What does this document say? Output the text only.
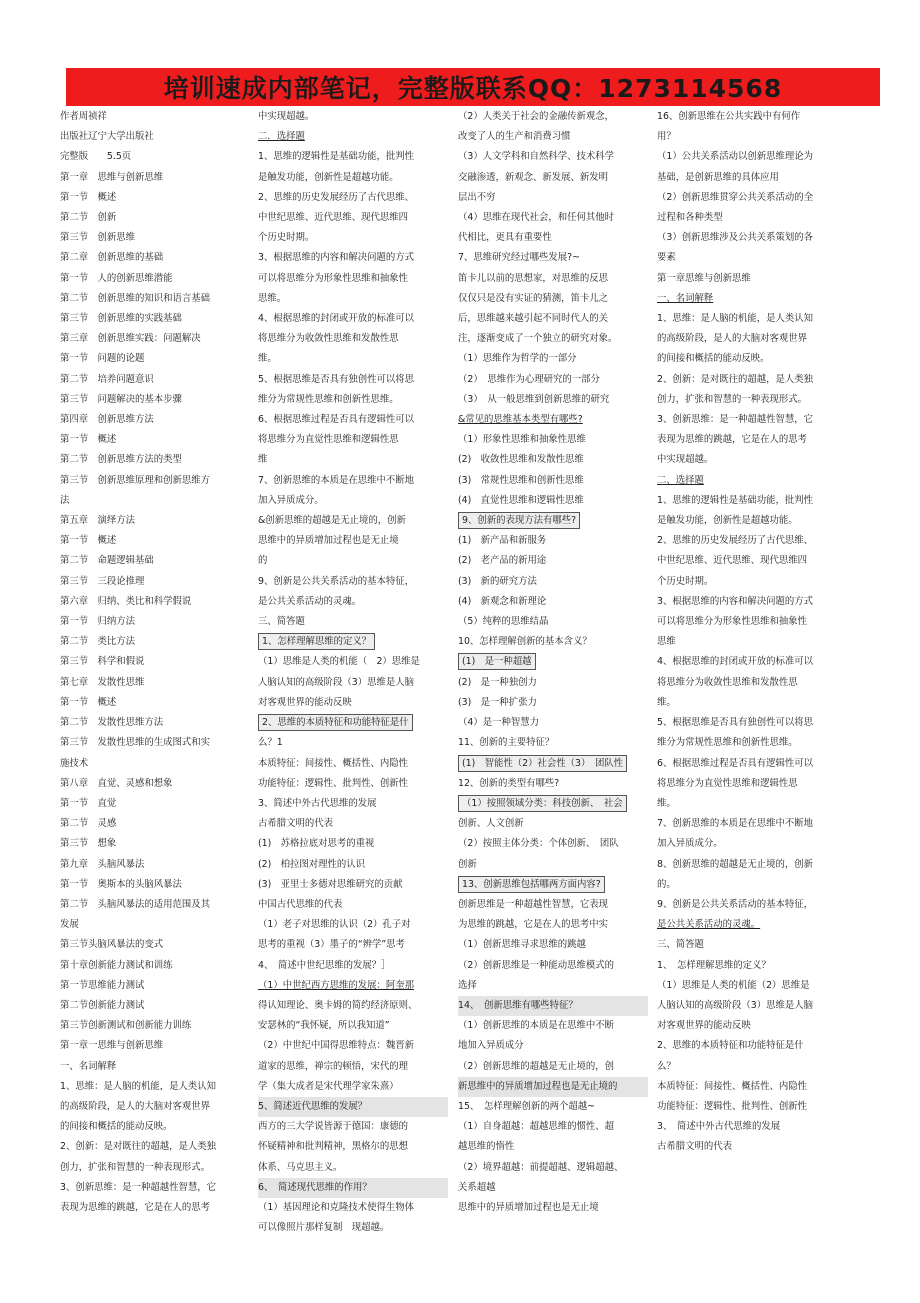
培训速成内部笔记，完整版联系QQ：1273114568

作者周祯祥

出版社辽宁大学出版社

完整版　　5.5页

第一章　思维与创新思维

第一节　概述

第二节　创新

第三节　创新思维

第二章　创新思维的基础

第一节　人的创新思维潜能

第二节　创新思维的知识和语言基础

第三节　创新思维的实践基础

第三章　创新思维实践：问题解决

第一节　问题的论题

第二节　培养问题意识

第三节　问题解决的基本步骤

第四章　创新思维方法

第一节　概述

第二节　创新思维方法的类型

第三节　创新思维原理和创新思维方

法

第五章　演绎方法

第一节　概述

第二节　命题逻辑基础

第三节　三段论推理

第六章　归纳、类比和科学假说

第一节　归纳方法

第二节　类比方法

第三节　科学和假说

第七章　发散性思维

第一节　概述

第二节　发散性思维方法

第三节　发散性思维的生成图式和实

施技术

第八章　直觉、灵感和想象

第一节　直觉

第二节　灵感

第三节　想象

第九章　头脑风暴法

第一节　奥斯本的头脑风暴法

第二节　头脑风暴法的适用范围及其

发展

第三节头脑风暴法的变式

第十章创新能力测试和训练

第一节思维能力测试

第二节创新能力测试

第三节创新测试和创新能力训练

第一章一思维与创新思维

一、名词解释

1、思维：是人脑的机能，是人类认知

的高级阶段，是人的大脑对客观世界

的间接和概括的能动反映。

2、创新：是对既往的超越，是人类独

创力，扩张和智慧的一种表现形式。

3、创新思维：是一种超越性智慧，它

表现为思维的跳越，它是在人的思考

中实现超越。

二．选择题

1、思维的逻辑性是基础功能，批判性

是触发功能，创新性是超越功能。

2、思维的历史发展经历了古代思维、

中世纪思维、近代思维、现代思维四

个历史时期。

3、根据思维的内容和解决问题的方式

可以将思维分为形象性思维和抽象性

思维。

4、根据思维的封闭或开放的标准可以

将思维分为收敛性思维和发散性思

维。

5、根据思维是否具有独创性可以将思

维分为常规性思维和创新性思维。

6、根据思维过程是否具有逻辑性可以

将思维分为直觉性思维和逻辑性思

维

7、创新思维的本质是在思维中不断地

加入异质成分。

&创新思维的超越是无止境的，创新

思维中的异质增加过程也是无止境

的

9、创新是公共关系活动的基本特征，

是公共关系活动的灵魂。

三、简答题

1、怎样理解思维的定义？

（1）思维是人类的机能（　2）思维是

人脑认知的高级阶段（3）思维是人脑

对客观世界的能动反映

2、思维的本质特征和功能特征是什

么？1

本质特征：间接性、概括性、内隐性

功能特征：逻辑性、批判性、创新性

3、简述中外古代思维的发展

古希腊文明的代表

(1)　苏格拉底对思考的重视

(2)　柏拉图对理性的认识

(3)　亚里士多德对思维研究的贡献

中国古代思维的代表

（1）老子对思维的认识（2）孔子对

思考的重视（3）墨子的“辨学”思考

4、　简述中世纪思维的发展？］

（1）中世纪西方思维的发展：阿奎那

得认知理论、奥卡姆的简约经济原则、

安瑟林的“我怀疑，所以我知道”

（2）中世纪中国得思维特点：魏晋新

道家的思维，禅宗的顿悟，宋代的理

学（集大成者是宋代理学家朱熹）

5、简述近代思维的发展？

西方的三大学说皆源于德国：康德的

怀疑精神和批判精神，黑格尔的思想

体系、马克思主义。

6、　简述现代思维的作用？

（1）基因理论和克隆技术使得生物体

可以像照片那样复制　现超越。

（2）人类关于社会的金融传新观念，

改变了人的生产和消费习惯

（3）人文学科和自然科学、技术科学

交融渗透，新观念、新发展、新发明

层出不穷

（4）思维在现代社会，和任何其他时

代相比，更具有重要性

7、思维研究经过哪些发展?~

笛卡儿以前的思想家，对思维的反思

仅仅只是没有实证的猜测，笛卡儿之

后，思维越来越引起不同时代人的关

注，逐渐变成了一个独立的研究对象。

（1）思维作为哲学的一部分

（2）　思维作为心理研究的一部分

（3）　从一般思维到创新思维的研究

&常见的思维基本类型有哪些?

（1）形象性思维和抽象性思维

(2)　收敛性思维和发散性思维

(3)　常规性思维和创新性思维

(4)　直觉性思维和逻辑性思维

9、创新的表现方法有哪些?

(1)　新产品和新服务

(2)　老产品的新用途

(3)　新的研究方法

(4)　新观念和新理论

（5）纯粹的思维结晶

10、怎样理解创新的基本含义？

(1)　是一种超越

(2)　是一种独创力

(3)　是一种扩张力

（4）是一种智慧力

11、创新的主要特征？

(1)　智能性（2）社会性（3）　团队性

12、创新的类型有哪些?

（1）按照领域分类：科技创新、　社会

创新、人文创新

（2）按照主体分类：个体创新、　团队

创新

13、创新思维包括哪两方面内容?

创新思维是一种超越性智慧，它表现

为思维的跳越，它是在人的思考中实

（1）创新思维寻求思维的跳越

（2）创新思维是一种能动思维模式的

选择

14、　创新思维有哪些特征？

（1）创新思维的本质是在思维中不断

地加入异质成分

（2）创新思维的超越是无止境的，创

新思维中的异质增加过程也是无止境的

15、　怎样理解创新的两个超越~

（1）自身超越：超越思维的惯性、超

越思维的惰性

（2）境界超越：前提超越、逻辑超越、

关系超越

思维中的异质增加过程也是无止境

16、创新思维在公共实践中有何作

用？

（1）公共关系活动以创新思维理论为

基础，是创新思维的具体应用

（2）创新思维贯穿公共关系活动的全

过程和各种类型

（3）创新思维涉及公共关系策划的各

要素

第一章思维与创新思维

一、名词解释

1、思维：是人脑的机能，是人类认知

的高级阶段，是人的大脑对客观世界

的间接和概括的能动反映。

2、创新：是对既往的超越，是人类独

创力，扩张和智慧的一种表现形式。

3、创新思维：是一种超越性智慧，它

表现为思维的跳越，它是在人的思考

中实现超越。

二、选择题

1、思维的逻辑性是基础功能，批判性

是触发功能，创新性是超越功能。

2、思维的历史发展经历了古代思维、

中世纪思维、近代思维、现代思维四

个历史时期。

3、根据思维的内容和解决问题的方式

可以将思维分为形象性思维和抽象性

思维

4、根据思维的封闭或开放的标准可以

将思维分为收敛性思维和发散性思

维。

5、根据思维是否具有独创性可以将思

维分为常规性思维和创新性思维。

6、根据思维过程是否具有逻辑性可以

将思维分为直觉性思维和逻辑性思

维。

7、创新思维的本质是在思维中不断地

加入异质成分。

8、创新思维的超越是无止境的，创新

的。

9、创新是公共关系活动的基本特征，

是公共关系活动的灵魂。

三、简答题

1、　怎样理解思维的定义？

（1）思维是人类的机能（2）思维是

人脑认知的高级阶段（3）思维是人脑

对客观世界的能动反映

2、思维的本质特征和功能特征是什

么？

本质特征：间接性、概括性、内隐性

功能特征：逻辑性、批判性、创新性

3、　简述中外古代思维的发展

古希腊文明的代表
